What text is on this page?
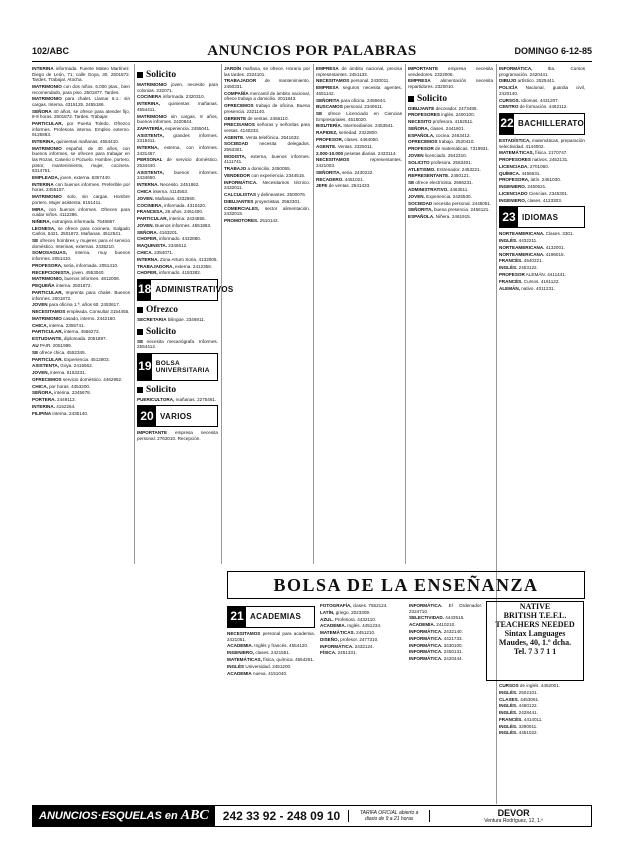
102/ABC	ANUNCIOS POR PALABRAS	DOMINGO 6-12-85

INTERINA informada. Fuente Mateo Martínez. Diego de León, 71; calle Goya, 30. 2501872. Tardes. Trabajar. Atocha.

MATRIMONIO con dos niños. 6.000 ptas., bien recomendado, para piso. 2501877. Tardes.

MATRIMONIO para chalet. Llamar 6.1.: sin cargas. Interna. 4315125. 2455186.

SEÑORA 40 años, se ofrece para atender fijo, 8-9 horas. 2501872. Tardes. Trabajar.

PARTICULAR, por Puerta Toledo. Ofrezco informes. Profesora interna. Empleo externo. 9125863.

INTERINA, quinientas mañanas. 4554410.

MATRIMONIO español, de 40 años, con buenos informes, se ofrecen para trabajar en las Rozas, Caserio o Pozuelo. Hombre, portero, pintor, mantenimiento, mujer, cocinera. 6314751.

EMPLEADA, joven, externa. 6357440.

INTERINA con buenos informes. Preferible por horas. 2455157.

MATRIMONIO solo, sin cargas. Hombre portero. Mujer asistenta. 6151411.

MIRA, con buenos informes. Ofrecen para cuidar niños. 4112286.

NIÑERA, extranjera informada. 7546867.

LEONESA, se ofrece para cocinera. Salgado Carlos, 5421. 2501872. Mañanas. 4512541.

SE ofrecen hombres y mujeres para el servicio doméstico. Interinas, externas. 2435210.

SOMOSAGUAS, interna, muy buenos informes. 2051410.

PROFESORA, seria, informada. 2051410.

RECEPCIONISTA, joven. 4553040.

MATRIMONIO, buenos informes. 4812008.

PEQUEÑA interna. 2501872.

PARTICULAR, Imprenta para chalet. Buenos informes. 2001872.

JOVEN para oficina 1.ª, años 60. 2453617.

NECESITAMOS empleada. Consultar 3154455.

MATRIMONIO casado, interno. 2442160.

CHICA, interna. 2355741.

PARTICULAR, interna. 4556273.

ESTUDIANTE, diplomada. 2051897.

AU PAIR. 2051989.

SE ofrece chica. 4552345.

PARTICULAR. Experiencia. 4512803.

ASISTENTA, Goya. 2415562.

JOVEN, interna. 6153231.

OFRECEMOS servicio doméstico. 4462952.

CHICA, por horas. 4453200.

SEÑORA, interina. 2345678.

PORTERA. 2449113.

INTERINA. 4152264.

FILIPINA interna. 2435140.

Solicito

MATRIMONIO joven, necesito para colonias. 232071.

COCINERA informada. 2320310.

INTERINA, quinientas mañanas. 4554411.

MATRIMONIO sin cargas, 8 años, buenos informes. 2420844.

ZAPATERÍA, experiencia. 2455041.

ASISTENTA, grandes informes. 2315411.

INTERNA, externa, con informes. 2431467.

PERSONAL de servicio doméstico. 2534440.

ASISTENTA, buenos informes. 2434650.

INTERNA. Necesito. 2451862.

CHICA interna. 4114553.

JOVEN. Mañanas. 4332560.

COCINERA, informada. 4310420.

FRANCESA, 28 años. 2461400.

PARTICULAR, interina. 2434856.

JOVEN. Buenos informes. 4551863.

SEÑORA. 4163201.

CHOFER, informado. 4432880.

MAQUINISTA. 2345612.

CHICA. 2354071.

INTERNA. Zona Arturo Soria. 4132005.

TRABAJADORA, externa. 2412356.

CHOFER, informado. 4193382.

18 ADMINISTRATIVOS
Ofrezco

SECRETARIA bilingüe. 2346911.

Solicito

SE necesita mecanógrafa. Informes. 2554412.

19 BOLSA UNIVERSITARIA
Solicito

PUERICULTORA, mañanas. 2275461.

20 VARIOS

IMPORTANTE empresa necesita personal. 2763010. Recepción.

JARDÍN mañana, se ofrece. Horario por las tardes. 2324101.

TRABAJADOR de mantenimiento. 2450331.

COMPAÑÍA mercantil de ámbito nacional, ofrece trabajo a domicilio. 2011843.

OFRECEMOS trabajo de oficina. Buena presencia. 2321140.

GERENTE de ventas. 2456110.

PRECISAMOS señoras y señoritas para ventas. 4140233.

AGENTE. Venta telefónica. 2541632.

SOCIEDAD necesita delegados. 2563301.

MODISTA, externa, buenos informes. 4111741.

TRABAJO a domicilio. 2450055.

VENDEDOR con experiencia. 2344515.

INFORMÁTICA. Necesitamos técnico. 2432011.

CALCULISTAS y delineantes. 2500076.

DIBUJANTES proyectistas. 2562301.

COMERCIALES, sector alimentación. 2432015.

PROMOTORES. 2510142.

EMPRESA de ámbito nacional, precisa representantes. 2451133.

NECESITAMOS personal. 2430011.

EMPRESA seguros necesita agentes. 4551142.

SEÑORITA para oficina. 2456644.

BUSCAMOS personal. 2340611.

SE ofrece Licenciado en Ciencias Empresariales. 4515020.

BISUTERÍA. Intermediarios. 2453541.

RAPIDEZ, seriedad. 2322800.

PROFESOR, clases. 4464050.

AGENTE. Ventas. 2325011.

2.000-10.000 pesetas diarias. 2433114.

NECESITAMOS representantes. 2421003.

SEÑORITA, seria. 2430222.

RECADERO. 4451021.

JEFE de ventas. 2541433.

IMPORTANTE empresa necesita vendedores. 2322006.

EMPRESA alimentación necesita repartidores. 2320010.

Solicito

DIBUJANTE decorador. 2473485.

PROFESORES inglés. 2400100.

NECESITO profesora. 4152511.

SEÑORA, clases. 2441601.

ESPAÑOLA, cocina. 2463412.

OFRECEMOS trabajo. 2520410.

PROFESOR de matemáticas. 7319931.

JOVEN licenciado. 2542310.

SOLICITO profesora. 2553401.

ATLETISMO. Entrenador. 2453221.

REPRESENTANTE. 2450121.

SE ofrece electricista. 2566231.

ADMINISTRATIVO. 4463511.

JOVEN. Experiencia. 2426530.

SOCIEDAD necesita personal. 2445051.

SEÑORITA, buena presencia. 2456121.

ESPAÑOLA. Niñera. 2461915.

INFORMÁTICA, Iba. Cursos programación. 2420441.

DIBUJO artístico. 2525441.

POLICÍA Nacional, guardia civil, 2420140.

CURSOS. Idiomas. 4431207.

CENTRO de formación. 4462112.

22 BACHILLERATO

ESTADÍSTICA, matemáticas, preparación selectividad. 4144002.

MATEMÁTICAS, física. 2170747.

PROFESORES nativos. 2452131.

LICENCIADA. 2701060.

QUÍMICA. 4456631.

PROFESORA, latín. 2451030.

INGENIERO. 2450621.

LICENCIADO Ciencias. 2345301.

INGENIERO, clases. 4123303.

23 IDIOMAS

NORTEAMERICANA. Clases. 3301.

INGLÉS. 4432211.

NORTEAMERICANA. 4132001.

NORTEAMERICANA. 4196015.

FRANCÉS. 4540221.

INGLÉS. 2453122.

PROFESOR ALEMÁN. 4411441.

FRANCÉS. Cursos. 4161122.

ALEMÁN, nativo. 4011231.

NATIVE
BRITISH T.E.F.L.
TEACHERS NEEDED
Sintax Languages
Maudes, 40, 1.º dcha.
Tel. 7 3 7 1 1

CURSOS de inglés. 4452001.

INGLÉS. 2502101.

CLASES. 4453061.

INGLÉS. 4460122.

INGLÉS. 2428441.

FRANCÉS. 4414011.

INGLÉS. 3290011.

INGLÉS. 4451022.

BOLSA DE LA ENSEÑANZA
21 ACADEMIAS

NECESITAMOS personal para academia. 2421051.

ACADEMIA. Inglés y francés. 4554120.

INGENIERO, clases. 2421551.

MATEMÁTICAS, física, química. 4554251.

INGLÉS Universidad. 2451200.

ACADEMIA nueva. 4151040.

FOTOGRAFÍA, clases. 7552124.

LATÍN, griego. 2023309.

AZUL. Profesora. 4432110.

ACADEMIA. Inglés. 4451234.

MATEMÁTICAS. 2451210.

DISEÑO, profesor. 2477310.

INFORMÁTICA. 2432124.

FÍSICA. 2451331.

INFORMÁTICA. El Ordenador. 2324710.

SELECTIVIDAD. 4443516.

ACADEMIA. 2410210.

INFORMÁTICA. 2432140.

INFORMÁTICA. 4421733.

INFORMÁTICA. 3430100.

INFORMÁTICA. 2450131.

INFORMÁTICA. 2420444.

ANUNCIOS·ESQUELAS en ABC	242 33 92 - 248 09 10	TARIFA OFICIAL abierto a diario de 9 a 21 horas
DEVOR
Ventura Rodríguez, 12, 1.º
